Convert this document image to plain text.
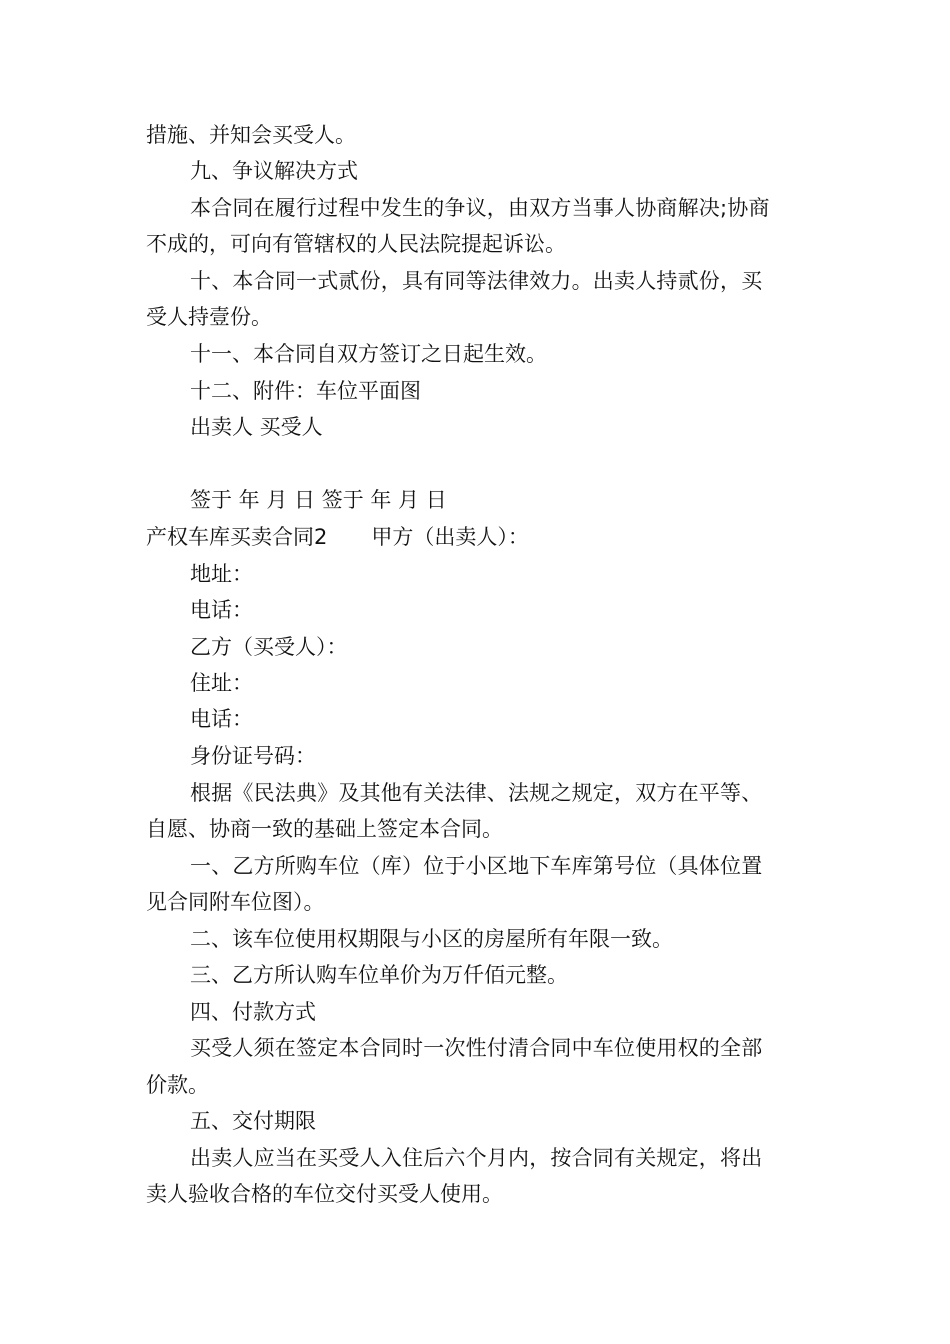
措施、并知会买受人。
九、争议解决方式
本合同在履行过程中发生的争议，由双方当事人协商解决;协商
不成的，可向有管辖权的人民法院提起诉讼。
十、本合同一式贰份，具有同等法律效力。出卖人持贰份，买
受人持壹份。
十一、本合同自双方签订之日起生效。
十二、附件：车位平面图
出卖人 买受人
签于 年 月 日 签于 年 月 日
产权车库买卖合同2 甲方（出卖人）：
地址：
电话：
乙方（买受人）：
住址：
电话：
身份证号码：
根据《民法典》及其他有关法律、法规之规定，双方在平等、
自愿、协商一致的基础上签定本合同。
一、乙方所购车位（库）位于小区地下车库第号位（具体位置
见合同附车位图）。
二、该车位使用权期限与小区的房屋所有年限一致。
三、乙方所认购车位单价为万仟佰元整。
四、付款方式
买受人须在签定本合同时一次性付清合同中车位使用权的全部
价款。
五、交付期限
出卖人应当在买受人入住后六个月内，按合同有关规定，将出
卖人验收合格的车位交付买受人使用。
